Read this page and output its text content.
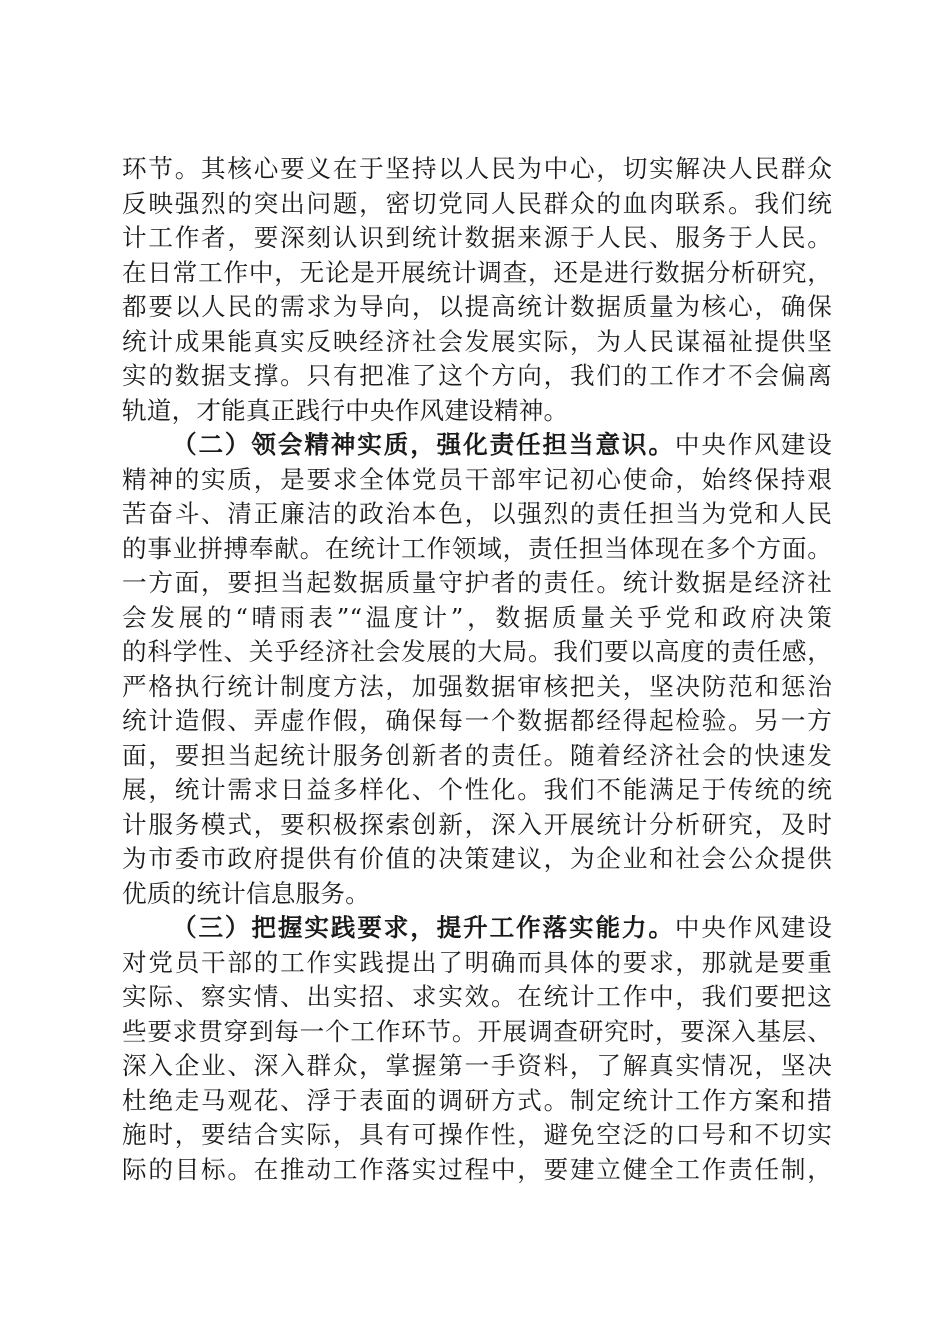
环节。其核心要义在于坚持以人民为中心，切实解决人民群众
反映强烈的突出问题，密切党同人民群众的血肉联系。我们统
计工作者，要深刻认识到统计数据来源于人民、服务于人民。
在日常工作中，无论是开展统计调查，还是进行数据分析研究，
都要以人民的需求为导向，以提高统计数据质量为核心，确保
统计成果能真实反映经济社会发展实际，为人民谋福祉提供坚
实的数据支撑。只有把准了这个方向，我们的工作才不会偏离
轨道，才能真正践行中央作风建设精神。
（二）领会精神实质，强化责任担当意识。中央作风建设
精神的实质，是要求全体党员干部牢记初心使命，始终保持艰
苦奋斗、清正廉洁的政治本色，以强烈的责任担当为党和人民
的事业拼搏奉献。在统计工作领域，责任担当体现在多个方面。
一方面，要担当起数据质量守护者的责任。统计数据是经济社
会发展的“晴雨表”“温度计”，数据质量关乎党和政府决策
的科学性、关乎经济社会发展的大局。我们要以高度的责任感，
严格执行统计制度方法，加强数据审核把关，坚决防范和惩治
统计造假、弄虚作假，确保每一个数据都经得起检验。另一方
面，要担当起统计服务创新者的责任。随着经济社会的快速发
展，统计需求日益多样化、个性化。我们不能满足于传统的统
计服务模式，要积极探索创新，深入开展统计分析研究，及时
为市委市政府提供有价值的决策建议，为企业和社会公众提供
优质的统计信息服务。
（三）把握实践要求，提升工作落实能力。中央作风建设
对党员干部的工作实践提出了明确而具体的要求，那就是要重
实际、察实情、出实招、求实效。在统计工作中，我们要把这
些要求贯穿到每一个工作环节。开展调查研究时，要深入基层、
深入企业、深入群众，掌握第一手资料，了解真实情况，坚决
杜绝走马观花、浮于表面的调研方式。制定统计工作方案和措
施时，要结合实际，具有可操作性，避免空泛的口号和不切实
际的目标。在推动工作落实过程中，要建立健全工作责任制，
